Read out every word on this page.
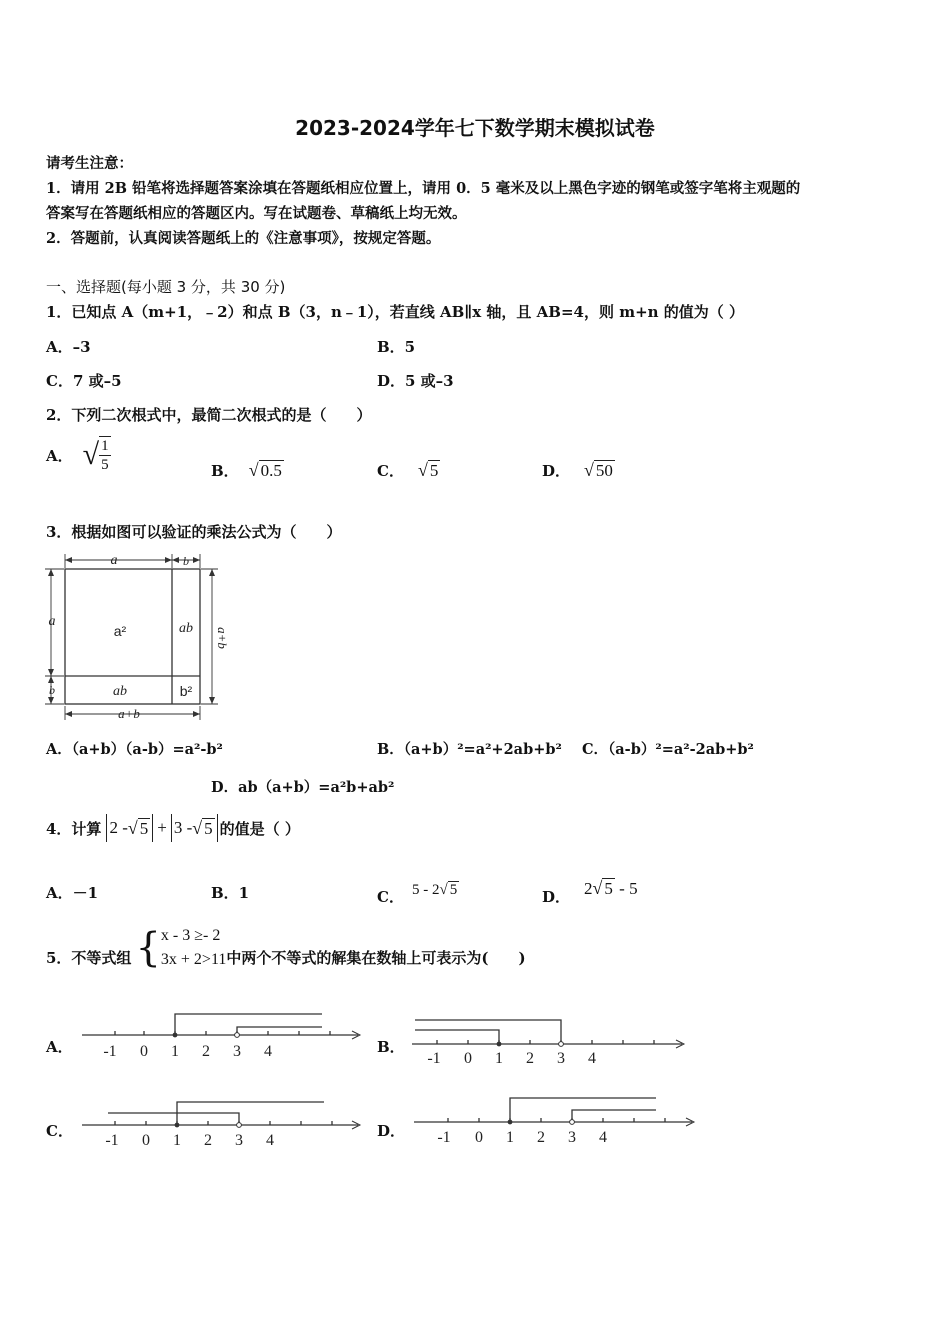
2023-2024学年七下数学期末模拟试卷
请考生注意：
1．请用 2B 铅笔将选择题答案涂填在答题纸相应位置上，请用 0．5 毫米及以上黑色字迹的钢笔或签字笔将主观题的
答案写在答题纸相应的答题区内。写在试题卷、草稿纸上均无效。
2．答题前，认真阅读答题纸上的《注意事项》，按规定答题。
一、选择题(每小题 3 分，共 30 分)
1．已知点 A（m+1，﹣2）和点 B（3，n﹣1），若直线 AB∥x 轴，且 AB=4，则 m+n 的值为（ ）
A．–3	B．5
C．7 或–5	D．5 或–3
2．下列二次根式中，最简二次根式的是（　　）
A． √ $\frac{1}{5}$	B． √ 0.5	C． √ 5	D． √ 50
3．根据如图可以验证的乘法公式为（　　）
a	b
a
b
a²	ab
ab	b²
a+b
a+b
A．（a+b）（a-b）=a²-b²	B．（a+b）²=a²+2ab+b² C．（a-b）²=a²-2ab+b²
D．ab（a+b）=a²b+ab²
4．计算 2 - √ 5 + 3 - √ 5 的值是（ ）
A．－1	B．1	C． 5 - 2√ 5	D． 2√ 5 - 5
5．不等式组 { x - 3 ≥- 2
3x + 2>11 中两个不等式的解集在数轴上可表示为(　　)
A． -1 0 1 2 3 4	B．
-1 0 1 2 3 4
C．
-1 0 1 2 3 4
D． -1 0 1 2 3 4
